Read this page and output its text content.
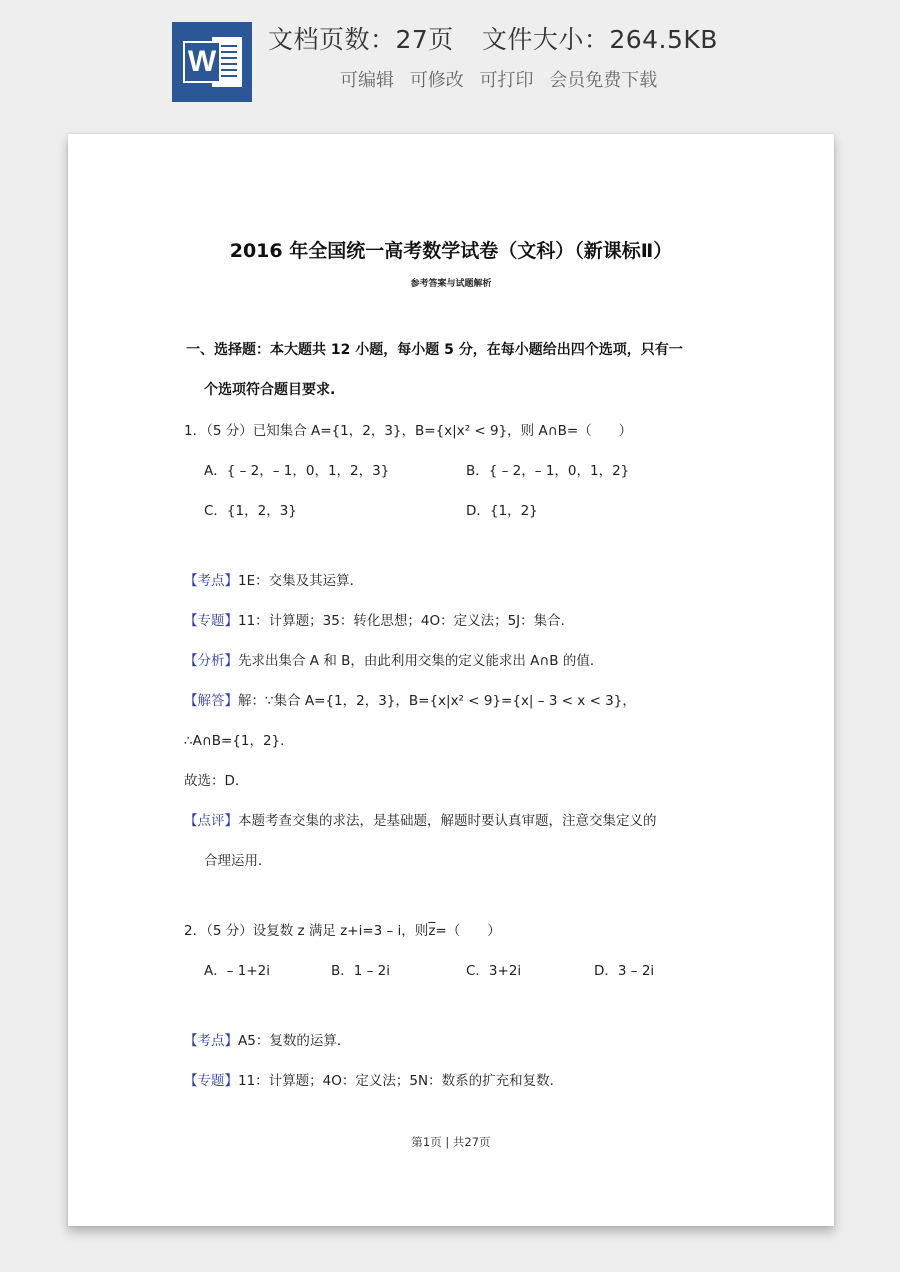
W
文档页数：27页 文件大小：264.5KB
可编辑 可修改 可打印 会员免费下载
2016 年全国统一高考数学试卷（文科）（新课标Ⅱ）
参考答案与试题解析
一、选择题：本大题共 12 小题，每小题 5 分，在每小题给出四个选项，只有一
个选项符合题目要求.
1．（5 分）已知集合 A={1，2，3}，B={x|x² < 9}，则 A∩B=（　　）
A．{ – 2，– 1，0，1，2，3}	B．{ – 2，– 1，0，1，2}
C．{1，2，3}	D．{1，2}
【考点】1E：交集及其运算．
【专题】11：计算题；35：转化思想；4O：定义法；5J：集合．
【分析】先求出集合 A 和 B，由此利用交集的定义能求出 A∩B 的值．
【解答】解：∵集合 A={1，2，3}，B={x|x² < 9}={x| – 3 < x < 3}，
∴A∩B={1，2}．
故选：D．
【点评】本题考查交集的求法，是基础题，解题时要认真审题，注意交集定义的
合理运用．
2．（5 分）设复数 z 满足 z+i=3 – i，则$\overline{z}=$（　　）
A．– 1+2i	B．1 – 2i	C．3+2i	D．3 – 2i
【考点】A5：复数的运算．
【专题】11：计算题；4O：定义法；5N：数系的扩充和复数．
第1页 | 共27页
